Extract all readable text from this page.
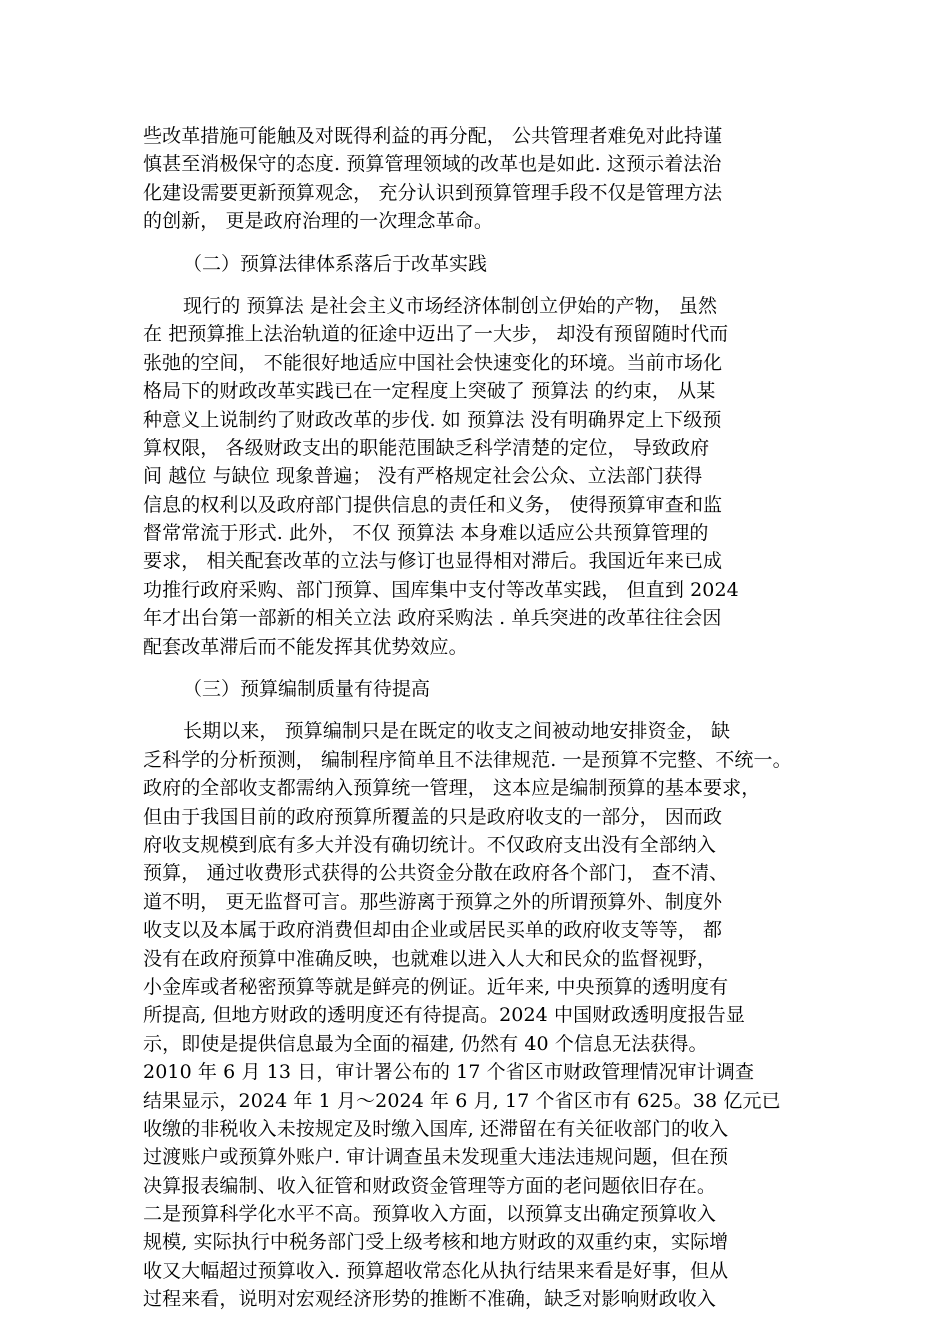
些改革措施可能触及对既得利益的再分配， 公共管理者难免对此持谨
慎甚至消极保守的态度. 预算管理领域的改革也是如此. 这预示着法治
化建设需要更新预算观念， 充分认识到预算管理手段不仅是管理方法
的创新， 更是政府治理的一次理念革命。
（二）预算法律体系落后于改革实践
现行的 预算法 是社会主义市场经济体制创立伊始的产物， 虽然
在 把预算推上法治轨道的征途中迈出了一大步， 却没有预留随时代而
张弛的空间， 不能很好地适应中国社会快速变化的环境。当前市场化
格局下的财政改革实践已在一定程度上突破了 预算法 的约束， 从某
种意义上说制约了财政改革的步伐. 如 预算法 没有明确界定上下级预
算权限， 各级财政支出的职能范围缺乏科学清楚的定位， 导致政府
间 越位 与缺位 现象普遍； 没有严格规定社会公众、立法部门获得
信息的权利以及政府部门提供信息的责任和义务， 使得预算审查和监
督常常流于形式. 此外， 不仅 预算法 本身难以适应公共预算管理的
要求， 相关配套改革的立法与修订也显得相对滞后。我国近年来已成
功推行政府采购、部门预算、国库集中支付等改革实践， 但直到 2024
年才出台第一部新的相关立法 政府采购法 . 单兵突进的改革往往会因
配套改革滞后而不能发挥其优势效应。
（三）预算编制质量有待提高
长期以来， 预算编制只是在既定的收支之间被动地安排资金， 缺
乏科学的分析预测， 编制程序简单且不法律规范. 一是预算不完整、不统一。
政府的全部收支都需纳入预算统一管理， 这本应是编制预算的基本要求，
但由于我国目前的政府预算所覆盖的只是政府收支的一部分， 因而政
府收支规模到底有多大并没有确切统计。不仅政府支出没有全部纳入
预算， 通过收费形式获得的公共资金分散在政府各个部门， 查不清、
道不明， 更无监督可言。那些游离于预算之外的所谓预算外、制度外
收支以及本属于政府消费但却由企业或居民买单的政府收支等等， 都
没有在政府预算中准确反映，也就难以进入人大和民众的监督视野，
小金库或者秘密预算等就是鲜亮的例证。近年来, 中央预算的透明度有
所提高, 但地方财政的透明度还有待提高。2024 中国财政透明度报告显
示，即使是提供信息最为全面的福建, 仍然有 40 个信息无法获得。
2010 年 6 月 13 日，审计署公布的 17 个省区市财政管理情况审计调查
结果显示，2024 年 1 月～2024 年 6 月, 17 个省区市有 625。38 亿元已
收缴的非税收入未按规定及时缴入国库, 还滞留在有关征收部门的收入
过渡账户或预算外账户. 审计调查虽未发现重大违法违规问题，但在预
决算报表编制、收入征管和财政资金管理等方面的老问题依旧存在。
二是预算科学化水平不高。预算收入方面，以预算支出确定预算收入
规模, 实际执行中税务部门受上级考核和地方财政的双重约束，实际增
收又大幅超过预算收入. 预算超收常态化从执行结果来看是好事，但从
过程来看，说明对宏观经济形势的推断不准确，缺乏对影响财政收入
